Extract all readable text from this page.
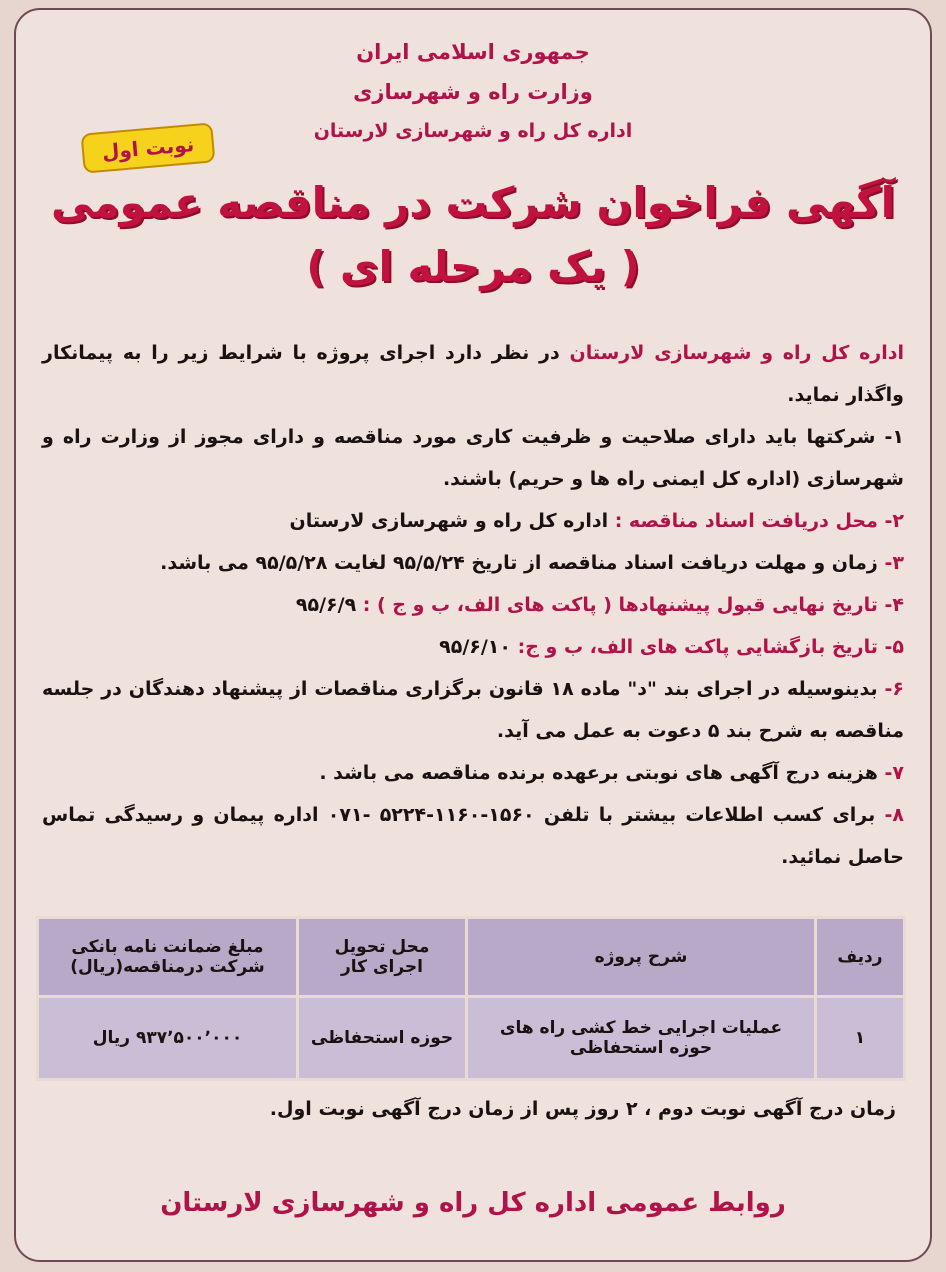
جمهوری اسلامی ایران
وزارت راه و شهرسازی
اداره کل راه و شهرسازی لارستان
نوبت اول
آگهی فراخوان شرکت در مناقصه عمومی
( یک مرحله ای )

اداره کل راه و شهرسازی لارستان در نظر دارد اجرای پروژه با شرایط زیر را به پیمانکار واگذار نماید.

۱- شرکتها باید دارای صلاحیت و ظرفیت کاری مورد مناقصه و دارای مجوز از وزارت راه و شهرسازی (اداره کل ایمنی راه ها و حریم) باشند.

۲- محل دریافت اسناد مناقصه : اداره کل راه و شهرسازی لارستان

۳- زمان و مهلت دریافت اسناد مناقصه از تاریخ ۹۵/۵/۲۴ لغایت ۹۵/۵/۲۸ می باشد.

۴- تاریخ نهایی قبول پیشنهادها ( پاکت های الف، ب و ج ) : ۹۵/۶/۹

۵- تاریخ بازگشایی پاکت های الف، ب و ج: ۹۵/۶/۱۰

۶- بدینوسیله در اجرای بند "د" ماده ۱۸ قانون برگزاری مناقصات از پیشنهاد دهندگان در جلسه مناقصه به شرح بند ۵ دعوت به عمل می آید.

۷- هزینه درج آگهی های نوبتی برعهده برنده مناقصه می باشد .

۸- برای کسب اطلاعات بیشتر با تلفن ۱۵۶۰-۱۱۶۰-۵۲۲۴ -۰۷۱ اداره پیمان و رسیدگی تماس حاصل نمائید.

ردیف	شرح پروژه	محل تحویل اجرای کار	مبلغ ضمانت نامه بانکی شرکت درمناقصه(ریال)
۱	عملیات اجرایی خط کشی راه های حوزه استحفاظی	حوزه استحفاظی	۹۳۷٬۵۰۰٬۰۰۰ ریال
زمان درج آگهی نوبت دوم ، ۲ روز پس از زمان درج آگهی نوبت اول.
روابط عمومی اداره کل راه و شهرسازی لارستان
